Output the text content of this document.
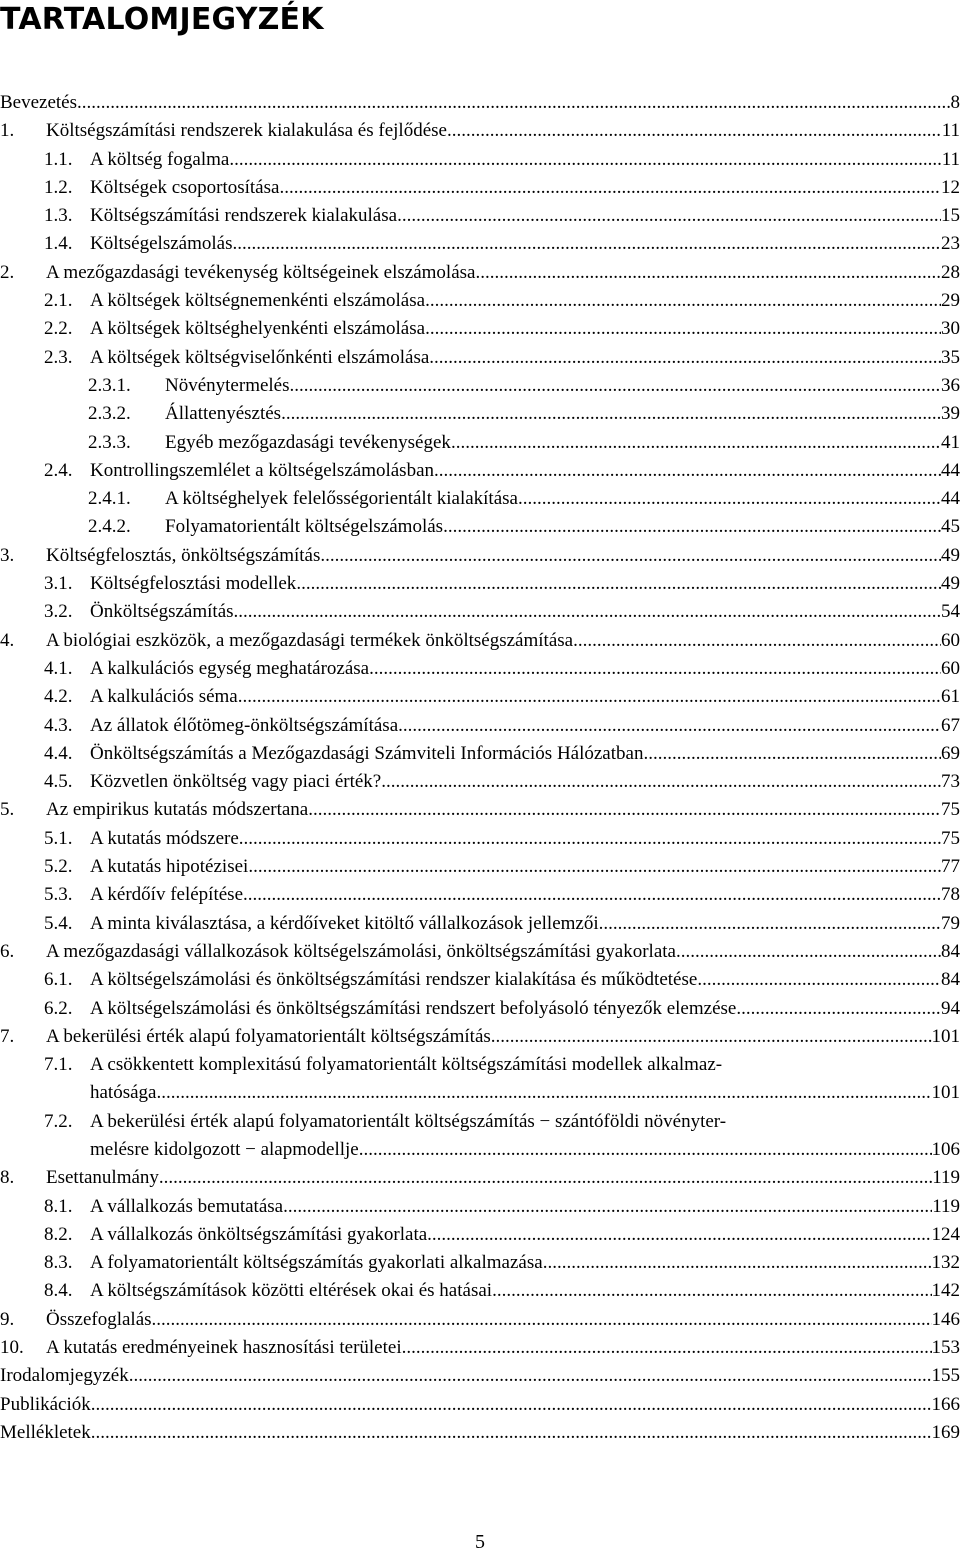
TARTALOMJEGYZÉK
Bevezetés .....	8
1.	Költségszámítási rendszerek kialakulása és fejlődése .....	11
1.1. A költség fogalma .....	11
1.2. Költségek csoportosítása .....	12
1.3. Költségszámítási rendszerek kialakulása .....	15
1.4. Költségelszámolás .....	23
2.	A mezőgazdasági tevékenység költségeinek elszámolása .....	28
2.1. A költségek költségnemenkénti elszámolása .....	29
2.2. A költségek költséghelyenkénti elszámolása .....	30
2.3. A költségek költségviselőnkénti elszámolása .....	35
2.3.1.	Növénytermelés .....	36
2.3.2.	Állattenyésztés .....	39
2.3.3.	Egyéb mezőgazdasági tevékenységek .....	41
2.4. Kontrollingszemlélet a költségelszámolásban .....	44
2.4.1.	A költséghelyek felelősségorientált kialakítása .....	44
2.4.2.	Folyamatorientált költségelszámolás .....	45
3.	Költségfelosztás, önköltségszámítás .....	49
3.1. Költségfelosztási modellek .....	49
3.2. Önköltségszámítás .....	54
4.	A biológiai eszközök, a mezőgazdasági termékek önköltségszámítása .....	60
4.1. A kalkulációs egység meghatározása .....	60
4.2. A kalkulációs séma .....	61
4.3. Az állatok élőtömeg-önköltségszámítása .....	67
4.4. Önköltségszámítás a Mezőgazdasági Számviteli Információs Hálózatban .....	69
4.5. Közvetlen önköltség vagy piaci érték? .....	73
5.	Az empirikus kutatás módszertana .....	75
5.1. A kutatás módszere .....	75
5.2. A kutatás hipotézisei .....	77
5.3. A kérdőív felépítése .....	78
5.4. A minta kiválasztása, a kérdőíveket kitöltő vállalkozások jellemzői .....	79
6.	A mezőgazdasági vállalkozások költségelszámolási, önköltségszámítási gyakorlata .....	84
6.1. A költségelszámolási és önköltségszámítási rendszer kialakítása és működtetése .....	84
6.2. A költségelszámolási és önköltségszámítási rendszert befolyásoló tényezők elemzése .....	94
7.	A bekerülési érték alapú folyamatorientált költségszámítás .....	101
7.1. A csökkentett komplexitású folyamatorientált költségszámítási modellek alkalmaz-
hatósága .....	101
7.2. A bekerülési érték alapú folyamatorientált költségszámítás − szántóföldi növényter-
melésre kidolgozott − alapmodellje .....	106
8.	Esettanulmány .....	119
8.1. A vállalkozás bemutatása .....	119
8.2. A vállalkozás önköltségszámítási gyakorlata .....	124
8.3. A folyamatorientált költségszámítás gyakorlati alkalmazása .....	132
8.4. A költségszámítások közötti eltérések okai és hatásai .....	142
9.	Összefoglalás .....	146
10.	A kutatás eredményeinek hasznosítási területei .....	153
Irodalomjegyzék .....	155
Publikációk .....	166
Mellékletek .....	169
5
